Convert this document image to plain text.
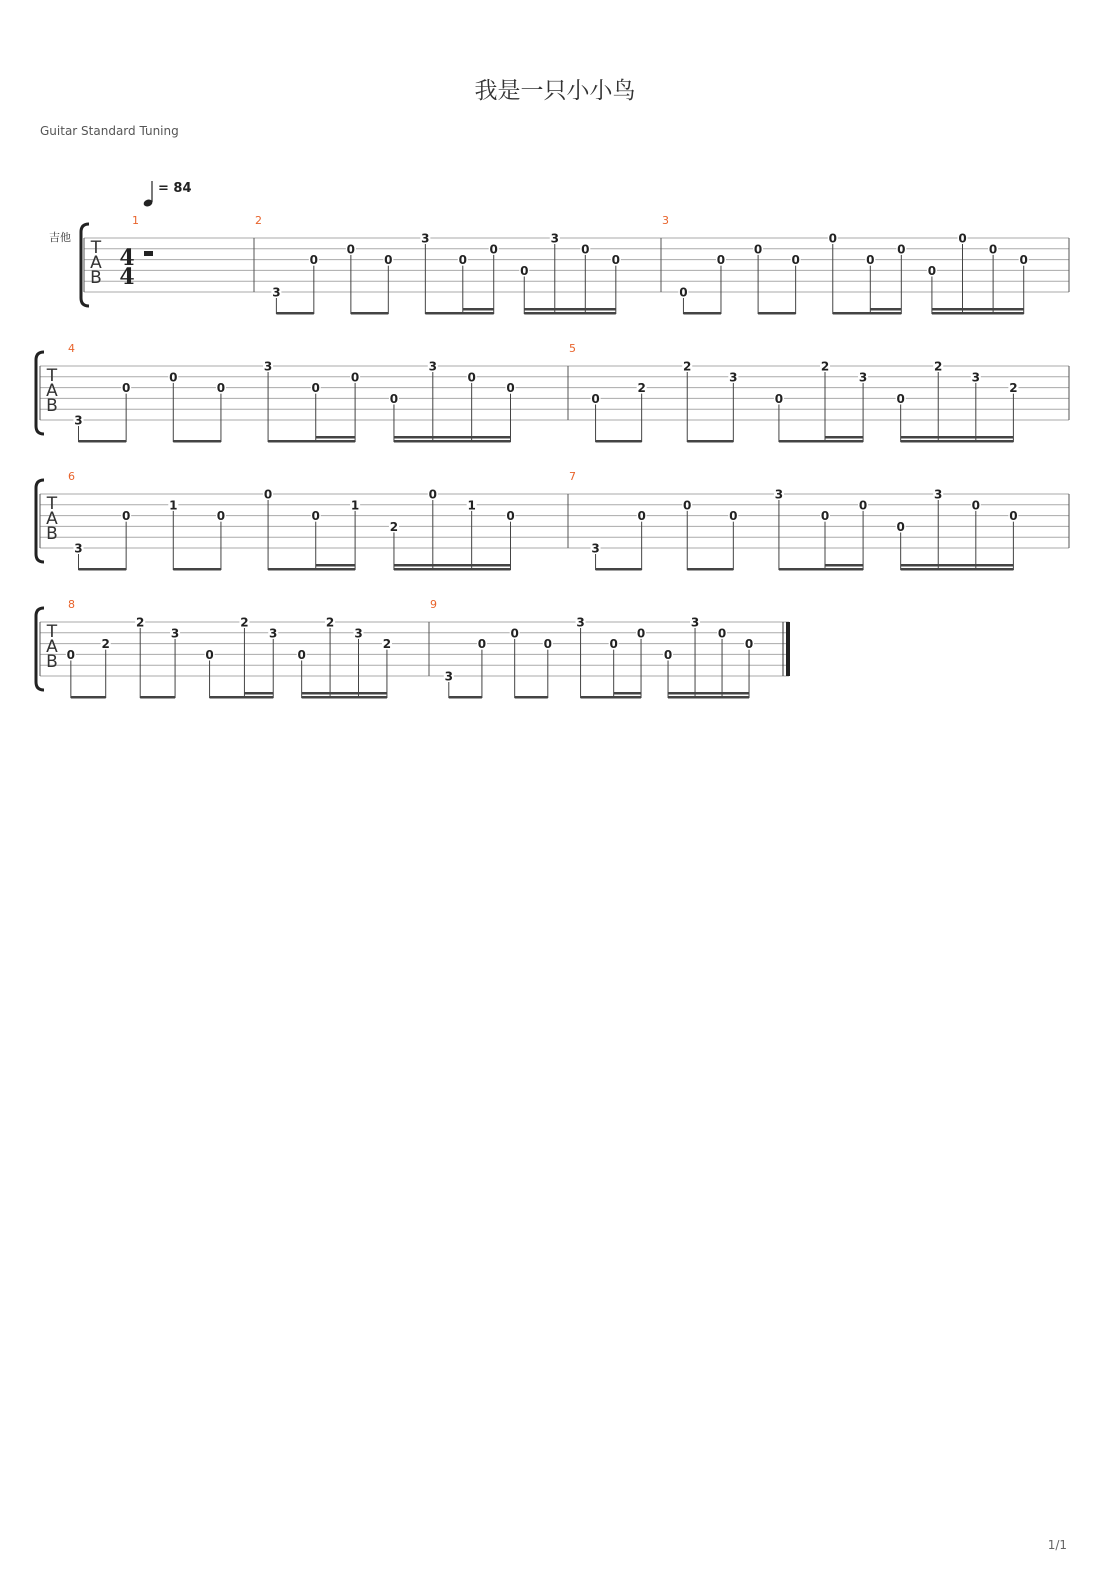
我是一只小小鸟
Guitar Standard Tuning
= 84
吉他
1/1
T
A
B
4
4
1	2
3
0
0
0
3
0
0
0
3
0
0
3
0
0
0
0
0
0
0
0
0
0
0
T
A
B
4
3
0
0
0
3
0
0
0
3
0
0
5
0
2
2
3
0
2
3
0
2
3
2
T
A
B
6
3
0
1
0
0
0
1
2
0
1
0
7
3
0
0
0
3
0
0
0
3
0
0
T
A
B
8
0
2
2
3
0
2
3
0
2
3
2
9
3
0
0
0
3
0
0
0
3
0
0
